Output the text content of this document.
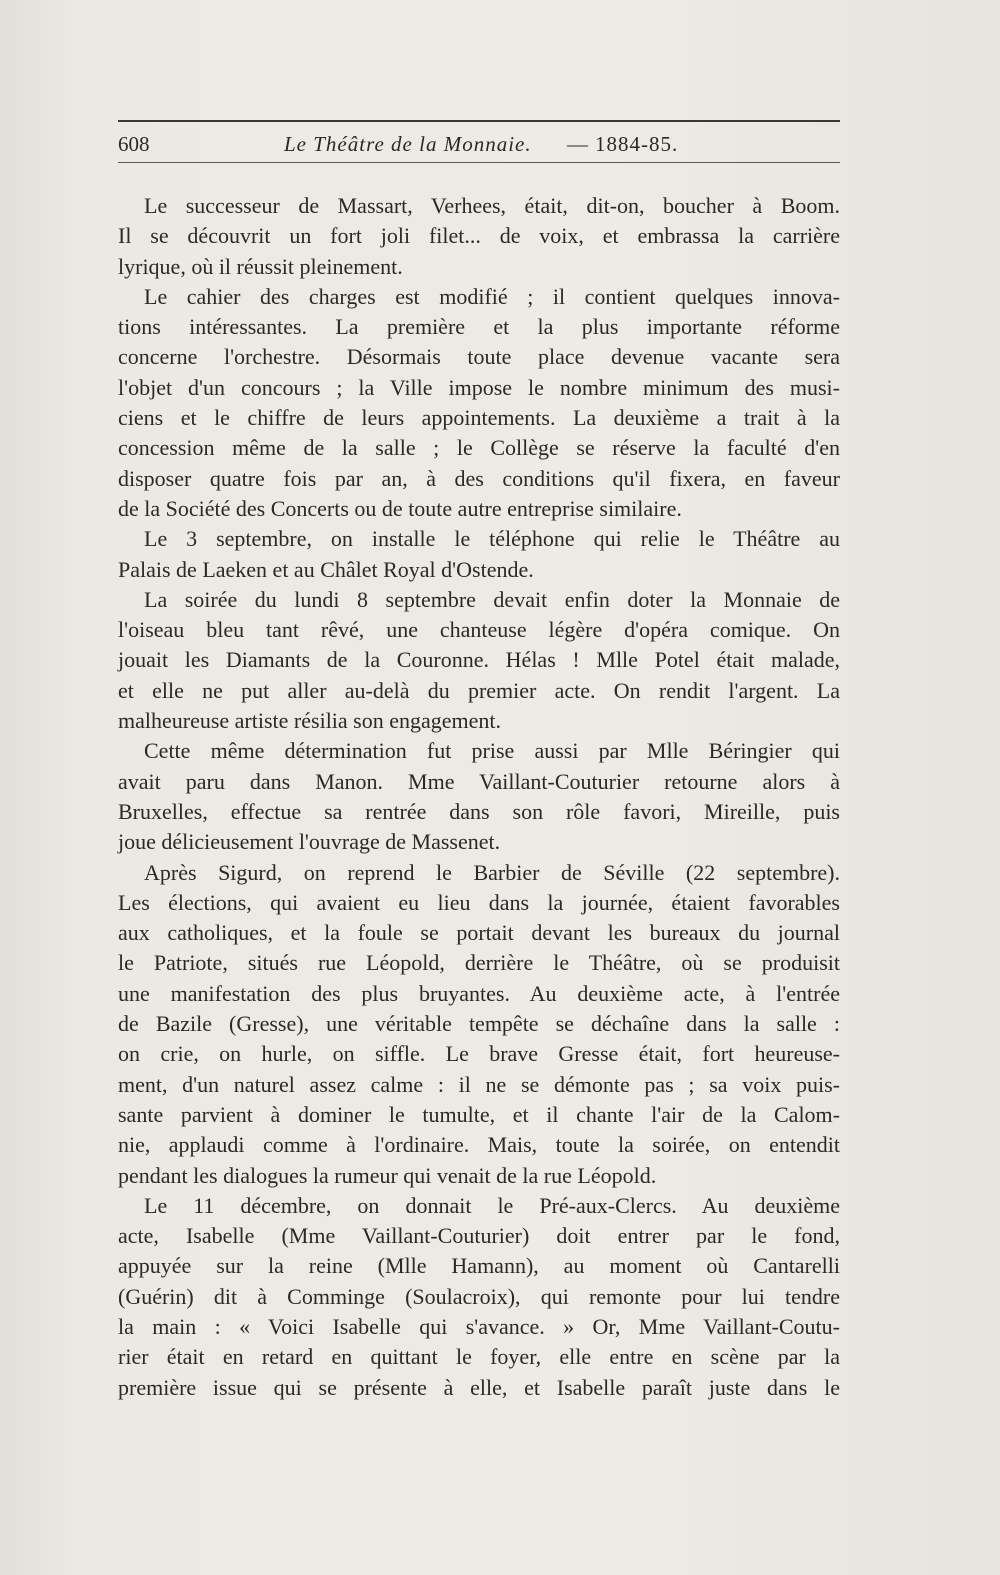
608	Le Théâtre de la Monnaie. — 1884-85.
Le successeur de Massart, Verhees, était, dit-on, boucher à Boom.
Il se découvrit un fort joli filet... de voix, et embrassa la carrière
lyrique, où il réussit pleinement.
Le cahier des charges est modifié ; il contient quelques innova-
tions intéressantes. La première et la plus importante réforme
concerne l'orchestre. Désormais toute place devenue vacante sera
l'objet d'un concours ; la Ville impose le nombre minimum des musi-
ciens et le chiffre de leurs appointements. La deuxième a trait à la
concession même de la salle ; le Collège se réserve la faculté d'en
disposer quatre fois par an, à des conditions qu'il fixera, en faveur
de la Société des Concerts ou de toute autre entreprise similaire.
Le 3 septembre, on installe le téléphone qui relie le Théâtre au
Palais de Laeken et au Châlet Royal d'Ostende.
La soirée du lundi 8 septembre devait enfin doter la Monnaie de
l'oiseau bleu tant rêvé, une chanteuse légère d'opéra comique. On
jouait les Diamants de la Couronne. Hélas ! Mlle Potel était malade,
et elle ne put aller au-delà du premier acte. On rendit l'argent. La
malheureuse artiste résilia son engagement.
Cette même détermination fut prise aussi par Mlle Béringier qui
avait paru dans Manon. Mme Vaillant-Couturier retourne alors à
Bruxelles, effectue sa rentrée dans son rôle favori, Mireille, puis
joue délicieusement l'ouvrage de Massenet.
Après Sigurd, on reprend le Barbier de Séville (22 septembre).
Les élections, qui avaient eu lieu dans la journée, étaient favorables
aux catholiques, et la foule se portait devant les bureaux du journal
le Patriote, situés rue Léopold, derrière le Théâtre, où se produisit
une manifestation des plus bruyantes. Au deuxième acte, à l'entrée
de Bazile (Gresse), une véritable tempête se déchaîne dans la salle :
on crie, on hurle, on siffle. Le brave Gresse était, fort heureuse-
ment, d'un naturel assez calme : il ne se démonte pas ; sa voix puis-
sante parvient à dominer le tumulte, et il chante l'air de la Calom-
nie, applaudi comme à l'ordinaire. Mais, toute la soirée, on entendit
pendant les dialogues la rumeur qui venait de la rue Léopold.
Le 11 décembre, on donnait le Pré-aux-Clercs. Au deuxième
acte, Isabelle (Mme Vaillant-Couturier) doit entrer par le fond,
appuyée sur la reine (Mlle Hamann), au moment où Cantarelli
(Guérin) dit à Comminge (Soulacroix), qui remonte pour lui tendre
la main : « Voici Isabelle qui s'avance. » Or, Mme Vaillant-Coutu-
rier était en retard en quittant le foyer, elle entre en scène par la
première issue qui se présente à elle, et Isabelle paraît juste dans le
